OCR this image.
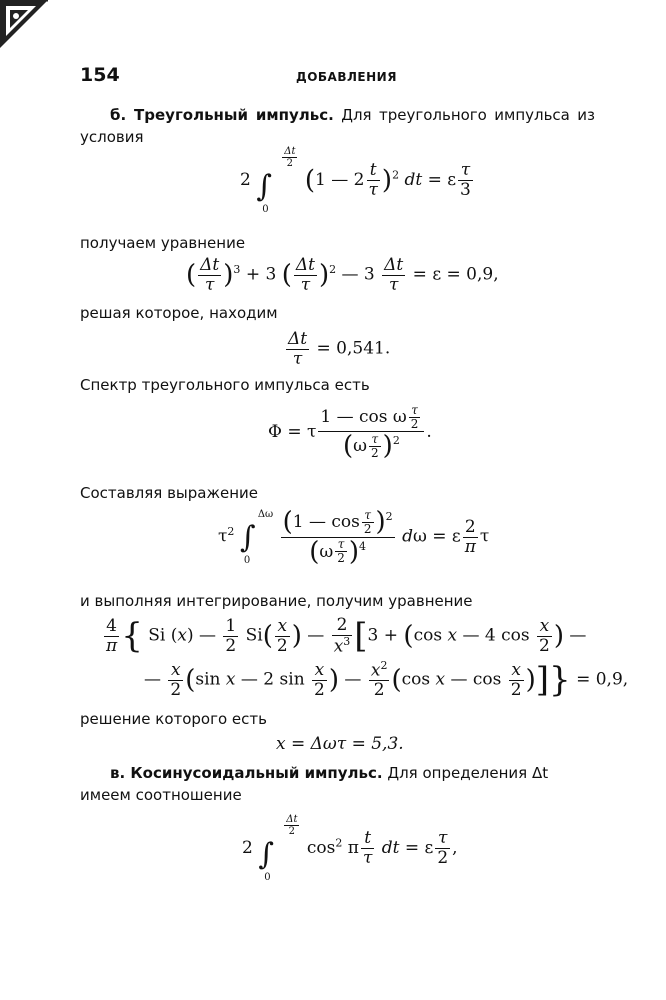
154	ДОБАВЛЕНИЯ
б. Треугольный импульс. Для треугольного импульса из условия
2
$\frac{\Delta t}{2}$
∫
0
(1 — $2 \frac{t}{\tau} )^2$ dt = ε $\frac{\tau}{3}$
получаем уравнение
( $\frac{\Delta t}{\tau} )^3 + 3$ ( $\frac{\Delta t}{\tau} )^2$ — $3 \frac{\Delta t}{\tau} = \varepsilon = 0,9$,
решая которое, находим
$\frac{\Delta t}{\tau} = 0,541$.
Спектр треугольного импульса есть
Φ = τ $\frac{1 — \cos \omega \frac{\tau}{2}}{(\omega \frac{\tau}{2} )^2}$ .
Составляя выражение
$\tau^2$
Δω
∫
0
	$\frac{(1 — \cos \frac{\tau}{2} )^2}{(\omega \frac{\tau}{2} )^4}$ dω = ε $\frac{2}{\pi}$ τ
и выполняя интегрирование, получим уравнение
$\frac{4}{\pi}$ { Si (x) — $\frac{1}{2} Si( \frac{x}{2}$ ) — $\frac{2}{x^3} [3 + (\cos$ x — 4 $\cos \frac{x}{2}$ ) —
— $\frac{x}{2} (\sin$ x — 2 $\sin \frac{x}{2}$ ) — $\frac{x^2}{2} (\cos$ x — $\cos \frac{x}{2}$ )]} = 0,9,
решение которого есть
x = Δωτ = 5,3.
в. Косинусоидальный импульс. Для определения Δt
имеем соотношение
2
$\frac{\Delta t}{2}$
∫
0
$\cos^2 \pi \frac{t}{\tau}$ dt = ε $\frac{\tau}{2}$ ,
